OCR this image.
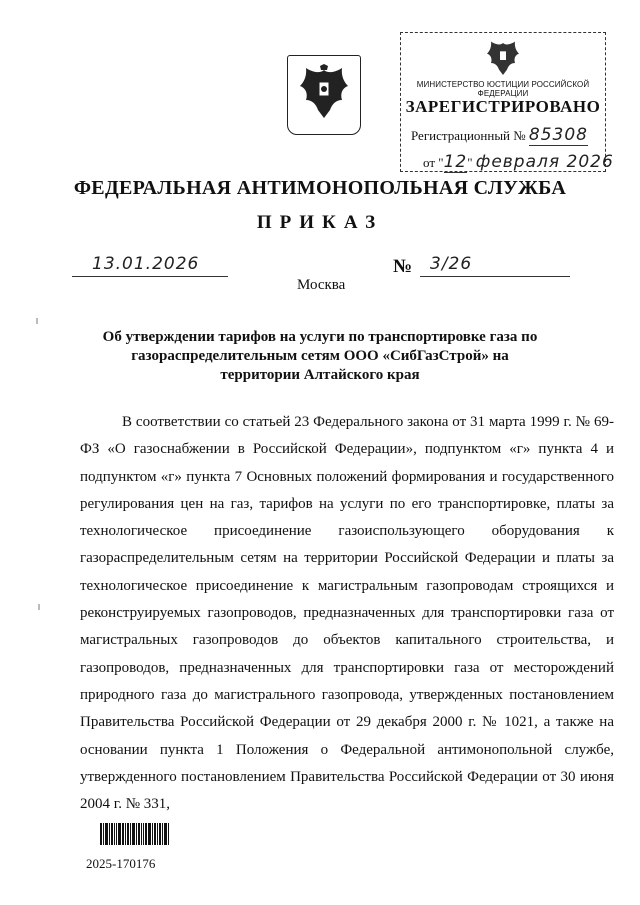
МИНИСТЕРСТВО ЮСТИЦИИ РОССИЙСКОЙ ФЕДЕРАЦИИ
ЗАРЕГИСТРИРОВАНО
Регистрационный № 85308
от "12" февраля 2026
ФЕДЕРАЛЬНАЯ АНТИМОНОПОЛЬНАЯ СЛУЖБА
ПРИКАЗ
13.01.2026	№ 3/26
Москва
Об утверждении тарифов на услуги по транспортировке газа по газораспределительным сетям ООО «СибГазСтрой» на территории Алтайского края
В соответствии со статьей 23 Федерального закона от 31 марта 1999 г. № 69-ФЗ «О газоснабжении в Российской Федерации», подпунктом «г» пункта 4 и подпунктом «г» пункта 7 Основных положений формирования и государственного регулирования цен на газ, тарифов на услуги по его транспортировке, платы за технологическое присоединение газоиспользующего оборудования к газораспределительным сетям на территории Российской Федерации и платы за технологическое присоединение к магистральным газопроводам строящихся и реконструируемых газопроводов, предназначенных для транспортировки газа от магистральных газопроводов до объектов капитального строительства, и газопроводов, предназначенных для транспортировки газа от месторождений природного газа до магистрального газопровода, утвержденных постановлением Правительства Российской Федерации от 29 декабря 2000 г. № 1021, а также на основании пункта 1 Положения о Федеральной антимонопольной службе, утвержденного постановлением Правительства Российской Федерации от 30 июня 2004 г. № 331,
2025-170176
